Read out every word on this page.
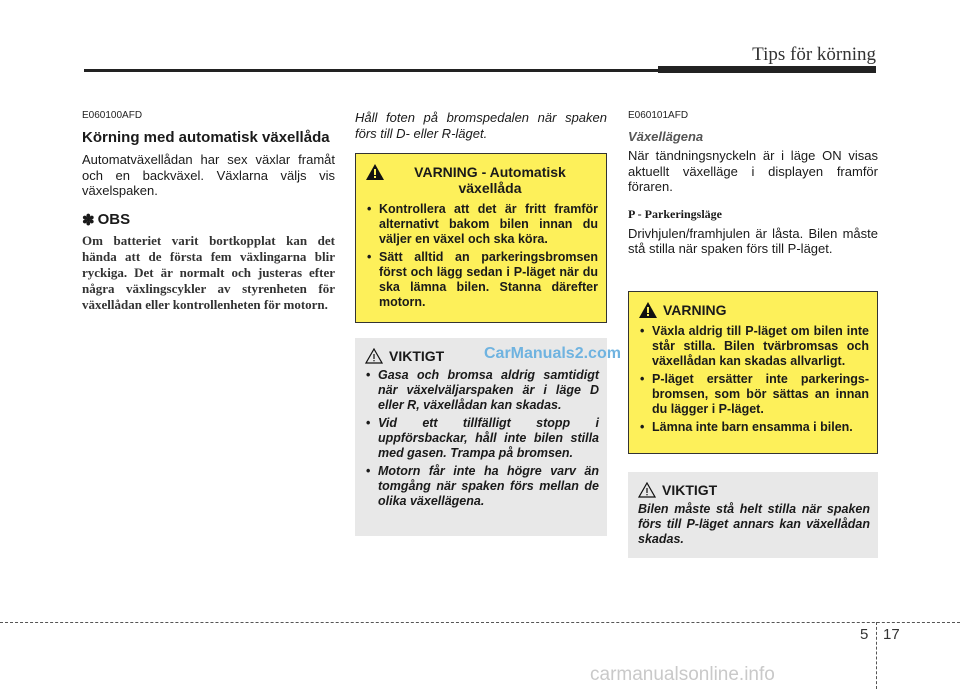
Tips för körning
E060100AFD
Körning med automatisk växellåda

Automatväxellådan har sex växlar framåt och en backväxel. Växlarna väljs vis växelspaken.

✽ OBS

Om batteriet varit bortkopplat kan det hända att de första fem växlingarna blir ryckiga. Det är normalt och justeras efter några växlingscykler av styrenheten för växellådan eller kontrollenheten för motorn.

Håll foten på bromspedalen när spaken förs till D- eller R-läget.

VARNING - Automatisk växellåda
• Kontrollera att det är fritt framför alternativt bakom bilen innan du väljer en växel och ska köra.
• Sätt alltid an parkeringsbromsen först och lägg sedan i P-läget när du ska lämna bilen. Stanna därefter motorn.
VIKTIGT
• Gasa och bromsa aldrig samtidigt när växelväljarspaken är i läge D eller R, växellådan kan skadas.
• Vid ett tillfälligt stopp i uppförsbackar, håll inte bilen stilla med gasen. Trampa på bromsen.
• Motorn får inte ha högre varv än tomgång när spaken förs mellan de olika växellägena.
CarManuals2.com
E060101AFD
Växellägena

När tändningsnyckeln är i läge ON visas aktuellt växelläge i displayen framför föraren.

P - Parkeringsläge

Drivhjulen/framhjulen är låsta. Bilen måste stå stilla när spaken förs till P-läget.

VARNING
• Växla aldrig till P-läget om bilen inte står stilla. Bilen tvärbromsas och växellådan kan skadas allvarligt.
• P-läget ersätter inte parkerings-bromsen, som bör sättas an innan du lägger i P-läget.
• Lämna inte barn ensamma i bilen.
VIKTIGT

Bilen måste stå helt stilla när spaken förs till P-läget annars kan växellådan skadas.

5 17
carmanualsonline.info
